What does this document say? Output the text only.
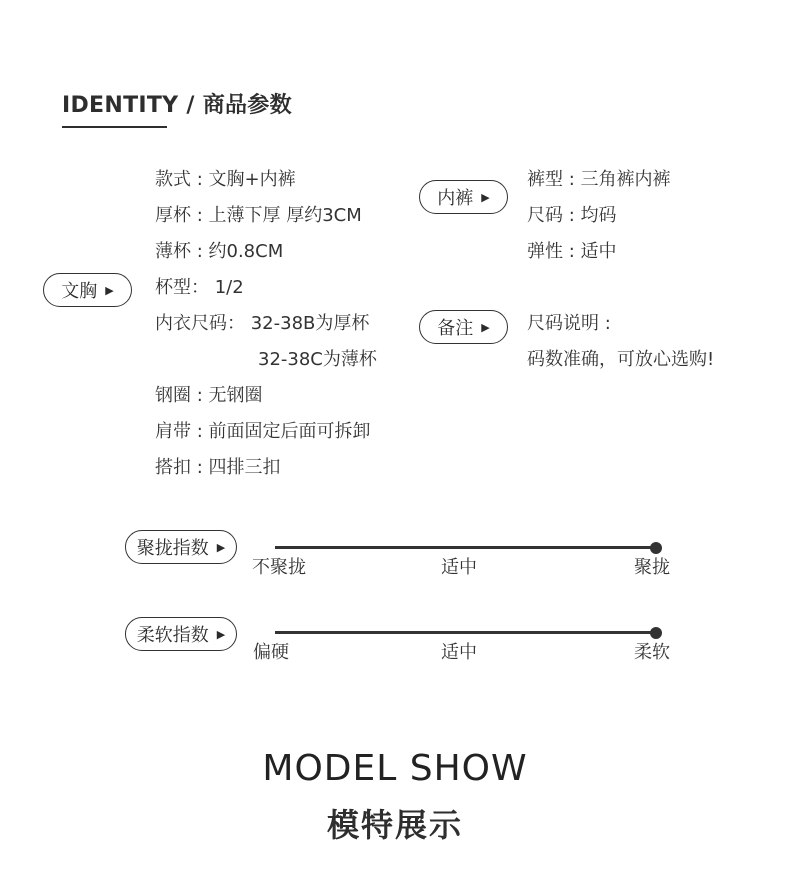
IDENTITY / 商品参数
文胸 ▶
款式 : 文胸+内裤
厚杯 : 上薄下厚 厚约3CM
薄杯 : 约0.8CM
杯型： 1/2
内衣尺码： 32-38B为厚杯
32-38C为薄杯
钢圈 : 无钢圈
肩带 : 前面固定后面可拆卸
搭扣 : 四排三扣
内裤 ▶
裤型 : 三角裤内裤
尺码 : 均码
弹性 : 适中
备注 ▶ 尺码说明 :
码数准确，可放心选购!
聚拢指数 ▶
不聚拢	适中	聚拢
柔软指数 ▶
偏硬	适中	柔软
MODEL SHOW
模特展示
